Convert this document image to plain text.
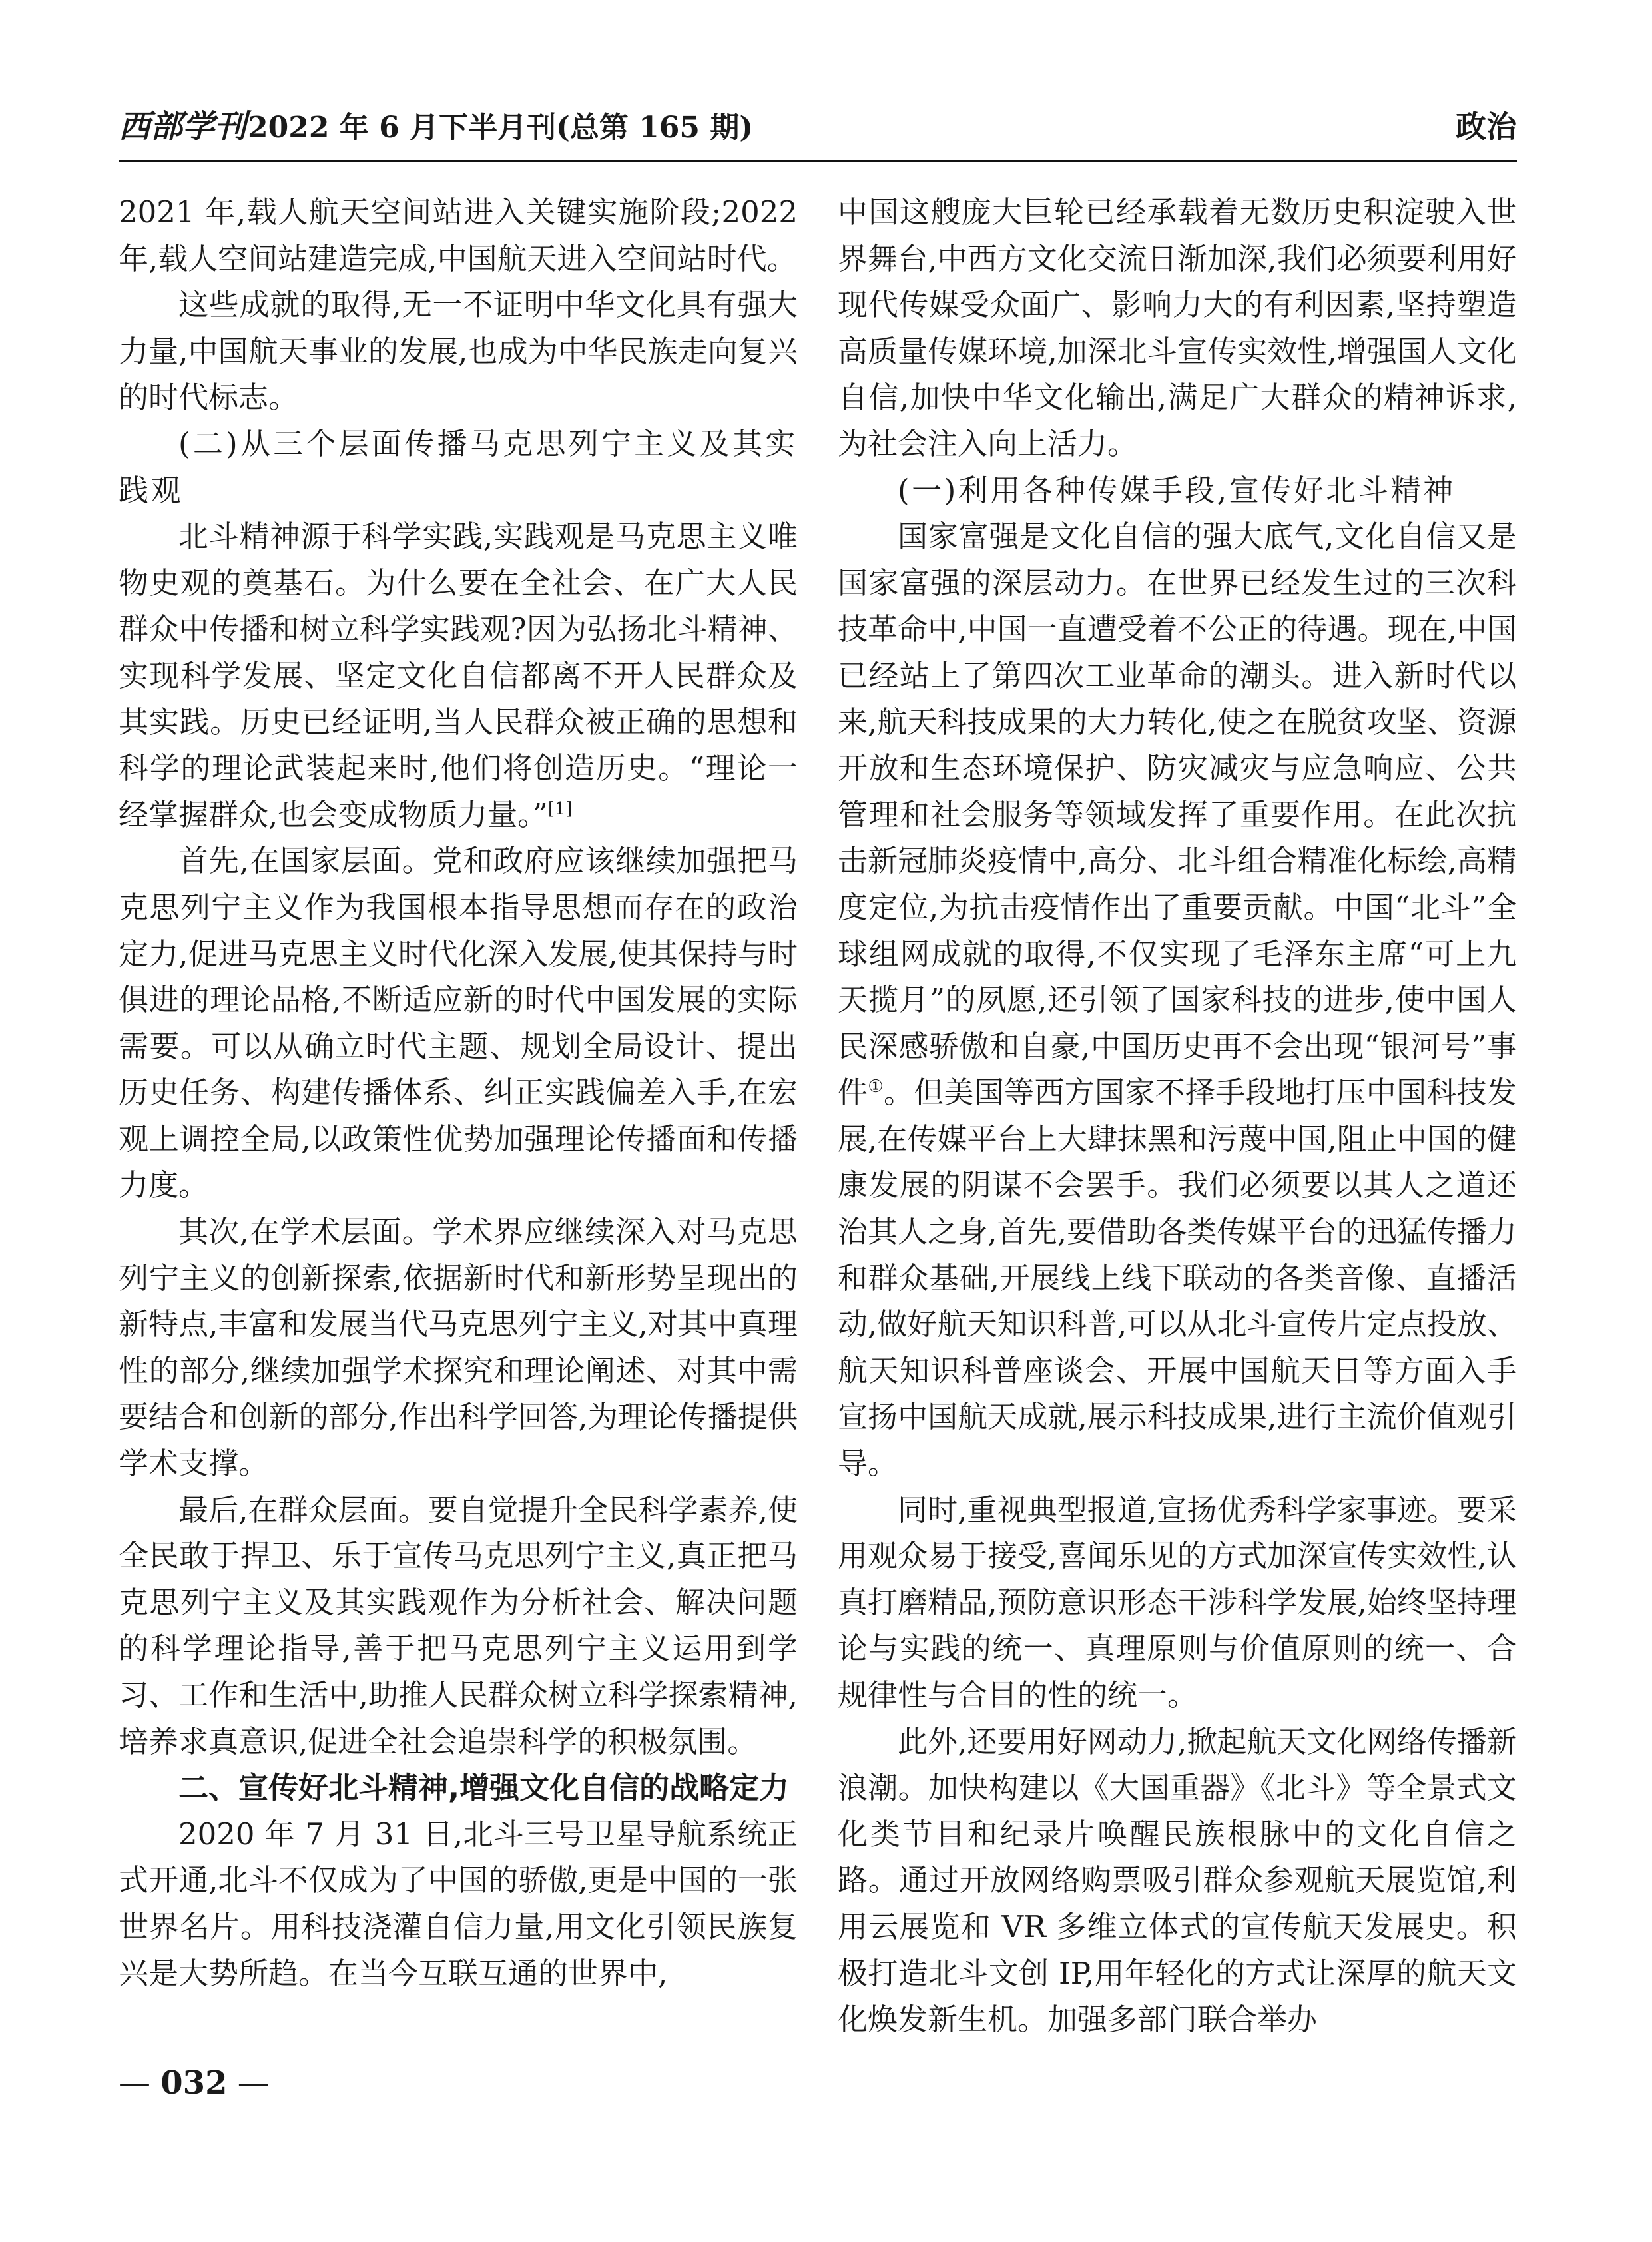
西部学刊2022 年 6 月下半月刊(总第 165 期)	政治

2021 年,载人航天空间站进入关键实施阶段;2022 年,载人空间站建造完成,中国航天进入空间站时代。

这些成就的取得,无一不证明中华文化具有强大力量,中国航天事业的发展,也成为中华民族走向复兴的时代标志。

(二)从三个层面传播马克思列宁主义及其实践观

北斗精神源于科学实践,实践观是马克思主义唯物史观的奠基石。为什么要在全社会、在广大人民群众中传播和树立科学实践观?因为弘扬北斗精神、实现科学发展、坚定文化自信都离不开人民群众及其实践。历史已经证明,当人民群众被正确的思想和科学的理论武装起来时,他们将创造历史。“理论一经掌握群众,也会变成物质力量。”[1]

首先,在国家层面。党和政府应该继续加强把马克思列宁主义作为我国根本指导思想而存在的政治定力,促进马克思主义时代化深入发展,使其保持与时俱进的理论品格,不断适应新的时代中国发展的实际需要。可以从确立时代主题、规划全局设计、提出历史任务、构建传播体系、纠正实践偏差入手,在宏观上调控全局,以政策性优势加强理论传播面和传播力度。

其次,在学术层面。学术界应继续深入对马克思列宁主义的创新探索,依据新时代和新形势呈现出的新特点,丰富和发展当代马克思列宁主义,对其中真理性的部分,继续加强学术探究和理论阐述、对其中需要结合和创新的部分,作出科学回答,为理论传播提供学术支撑。

最后,在群众层面。要自觉提升全民科学素养,使全民敢于捍卫、乐于宣传马克思列宁主义,真正把马克思列宁主义及其实践观作为分析社会、解决问题的科学理论指导,善于把马克思列宁主义运用到学习、工作和生活中,助推人民群众树立科学探索精神,培养求真意识,促进全社会追崇科学的积极氛围。

二、宣传好北斗精神,增强文化自信的战略定力

2020 年 7 月 31 日,北斗三号卫星导航系统正式开通,北斗不仅成为了中国的骄傲,更是中国的一张世界名片。用科技浇灌自信力量,用文化引领民族复兴是大势所趋。在当今互联互通的世界中,

中国这艘庞大巨轮已经承载着无数历史积淀驶入世界舞台,中西方文化交流日渐加深,我们必须要利用好现代传媒受众面广、影响力大的有利因素,坚持塑造高质量传媒环境,加深北斗宣传实效性,增强国人文化自信,加快中华文化输出,满足广大群众的精神诉求,为社会注入向上活力。

(一)利用各种传媒手段,宣传好北斗精神

国家富强是文化自信的强大底气,文化自信又是国家富强的深层动力。在世界已经发生过的三次科技革命中,中国一直遭受着不公正的待遇。现在,中国已经站上了第四次工业革命的潮头。进入新时代以来,航天科技成果的大力转化,使之在脱贫攻坚、资源开放和生态环境保护、防灾减灾与应急响应、公共管理和社会服务等领域发挥了重要作用。在此次抗击新冠肺炎疫情中,高分、北斗组合精准化标绘,高精度定位,为抗击疫情作出了重要贡献。中国“北斗”全球组网成就的取得,不仅实现了毛泽东主席“可上九天揽月”的夙愿,还引领了国家科技的进步,使中国人民深感骄傲和自豪,中国历史再不会出现“银河号”事件①。但美国等西方国家不择手段地打压中国科技发展,在传媒平台上大肆抹黑和污蔑中国,阻止中国的健康发展的阴谋不会罢手。我们必须要以其人之道还治其人之身,首先,要借助各类传媒平台的迅猛传播力和群众基础,开展线上线下联动的各类音像、直播活动,做好航天知识科普,可以从北斗宣传片定点投放、航天知识科普座谈会、开展中国航天日等方面入手宣扬中国航天成就,展示科技成果,进行主流价值观引导。

同时,重视典型报道,宣扬优秀科学家事迹。要采用观众易于接受,喜闻乐见的方式加深宣传实效性,认真打磨精品,预防意识形态干涉科学发展,始终坚持理论与实践的统一、真理原则与价值原则的统一、合规律性与合目的性的统一。

此外,还要用好网动力,掀起航天文化网络传播新浪潮。加快构建以《大国重器》《北斗》等全景式文化类节目和纪录片唤醒民族根脉中的文化自信之路。通过开放网络购票吸引群众参观航天展览馆,利用云展览和 VR 多维立体式的宣传航天发展史。积极打造北斗文创 IP,用年轻化的方式让深厚的航天文化焕发新生机。加强多部门联合举办

— 032 —
